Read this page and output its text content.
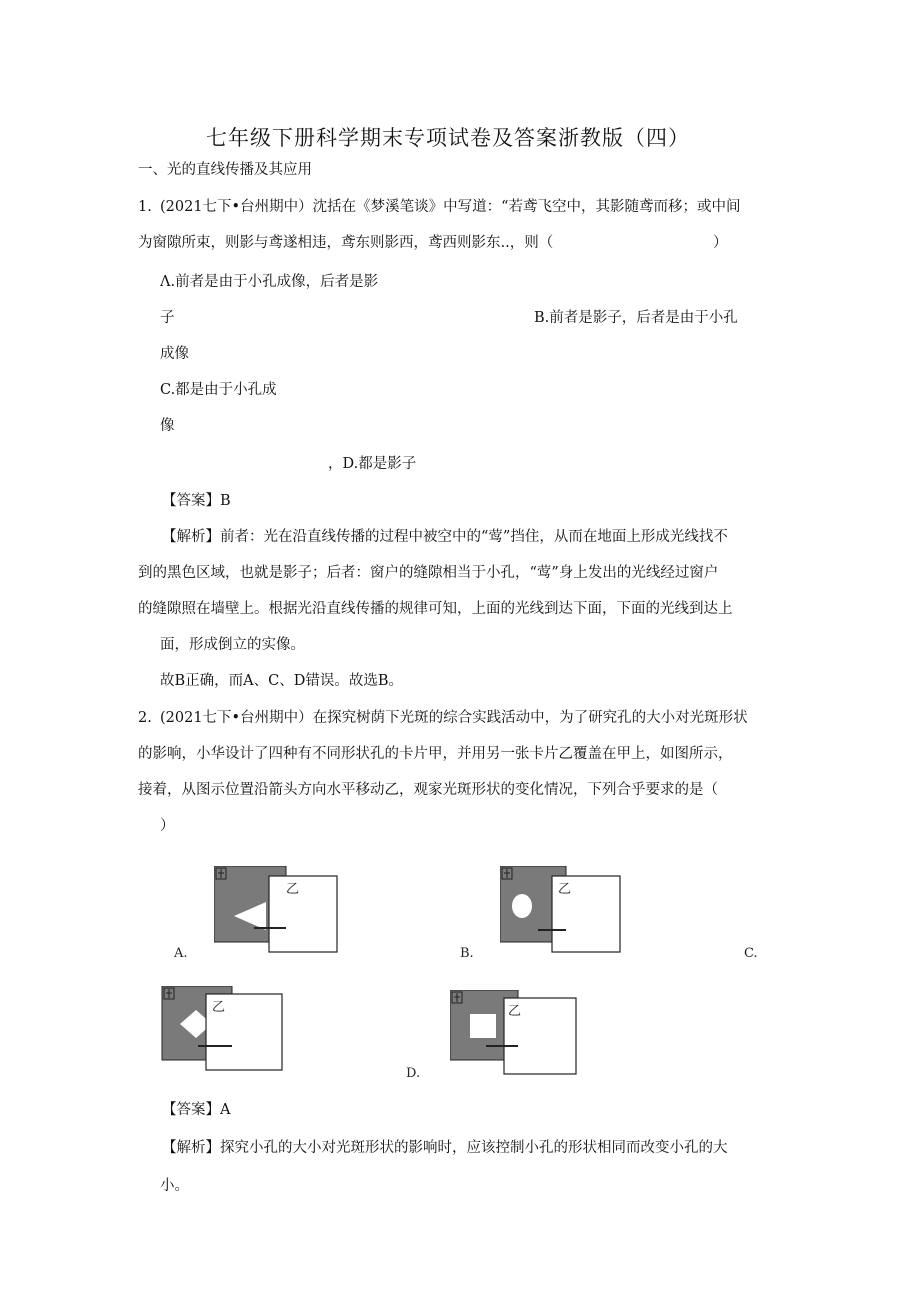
七年级下册科学期末专项试卷及答案浙教版（四）
一、光的直线传播及其应用
1. (2021七下•台州期中）沈括在《梦溪笔谈》中写道：“若鸢飞空中，其影随鸢而移；或中间
为窗隙所束，则影与鸢遂相违，鸢东则影西，鸢西则影东..，则（	）
Λ.前者是由于小孔成像，后者是影
子	B.前者是影子，后者是由于小孔
成像
C.都是由于小孔成
像
，D.都是影子
【答案】B
【解析】前者：光在沿直线传播的过程中被空中的“莺”挡住，从而在地面上形成光线找不
到的黑色区域，也就是影子；后者：窗户的缝隙相当于小孔，“莺”身上发出的光线经过窗户
的缝隙照在墙壁上。根据光沿直线传播的规律可知，上面的光线到达下面，下面的光线到达上
面，形成倒立的实像。
故B正确，而A、C、D错误。故选B。
2. (2021七下•台州期中）在探究树荫下光斑的综合实践活动中，为了研究孔的大小对光斑形状
的影响，小华设计了四种有不同形状孔的卡片甲，并用另一张卡片乙覆盖在甲上，如图所示，
接着，从图示位置沿箭头方向水平移动乙，观家光斑形状的变化情况，下列合乎要求的是（
）
乙
A.
乙
B.	C.
乙	乙
D.
【答案】A
【解析】探究小孔的大小对光斑形状的影响时，应该控制小孔的形状相同而改变小孔的大
小。
